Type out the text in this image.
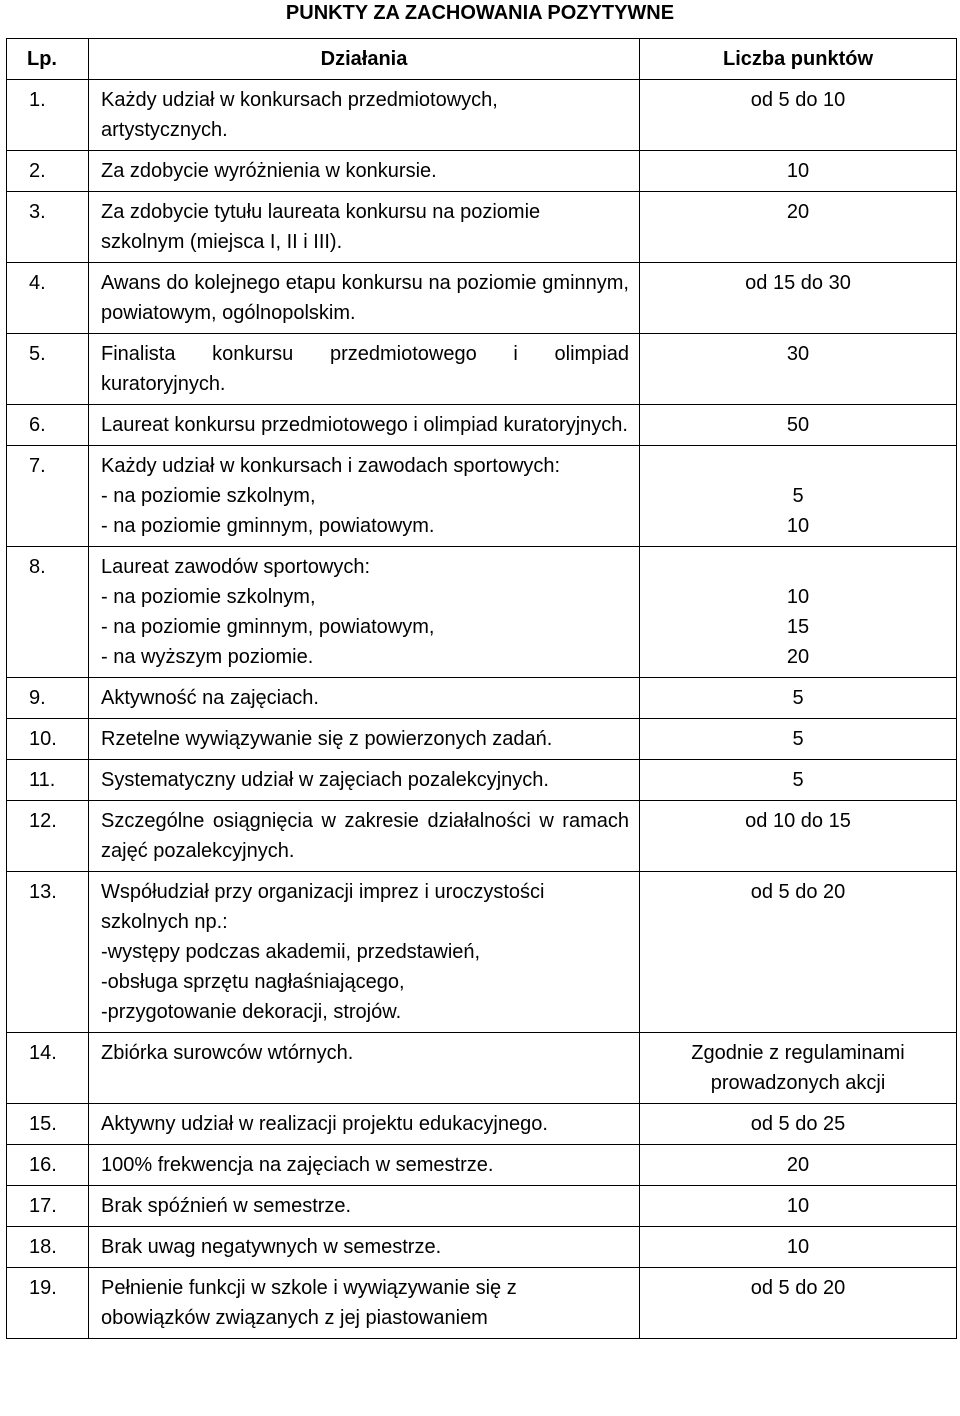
PUNKTY ZA ZACHOWANIA POZYTYWNE
Lp.	Działania	Liczba punktów
1.	Każdy udział w konkursach przedmiotowych, artystycznych.	od 5 do 10

2.	Za zdobycie wyróżnienia w konkursie.	10

3.	Za zdobycie tytułu laureata konkursu na poziomie szkolnym (miejsca I, II i III).	20

4.	Awans do kolejnego etapu konkursu na poziomie gminnym, powiatowym, ogólnopolskim.	od 15 do 30

5.	Finalista konkursu przedmiotowego i olimpiad kuratoryjnych.	30

6.	Laureat konkursu przedmiotowego i olimpiad kuratoryjnych.	50

7.	Każdy udział w konkursach i zawodach sportowych:
- na poziomie szkolnym,
- na poziomie gminnym, powiatowym.	5
10

8.	Laureat zawodów sportowych:
- na poziomie szkolnym,
- na poziomie gminnym, powiatowym,
- na wyższym poziomie.	10
15
20

9.	Aktywność na zajęciach.	5

10.	Rzetelne wywiązywanie się z powierzonych zadań.	5

11.	Systematyczny udział w zajęciach pozalekcyjnych.	5

12.	Szczególne osiągnięcia w zakresie działalności w ramach zajęć pozalekcyjnych.	od 10 do 15

13.	Współudział przy organizacji imprez i uroczystości szkolnych np.:
-występy podczas akademii, przedstawień,
-obsługa sprzętu nagłaśniającego,
-przygotowanie dekoracji, strojów.	od 5 do 20

14.	Zbiórka surowców wtórnych.	Zgodnie z regulaminami prowadzonych akcji

15.	Aktywny udział w realizacji projektu edukacyjnego.	od 5 do 25

16.	100% frekwencja na zajęciach w semestrze.	20

17.	Brak spóźnień w semestrze.	10

18.	Brak uwag negatywnych w semestrze.	10

19.	Pełnienie funkcji w szkole i wywiązywanie się z obowiązków związanych z jej piastowaniem	od 5 do 20
